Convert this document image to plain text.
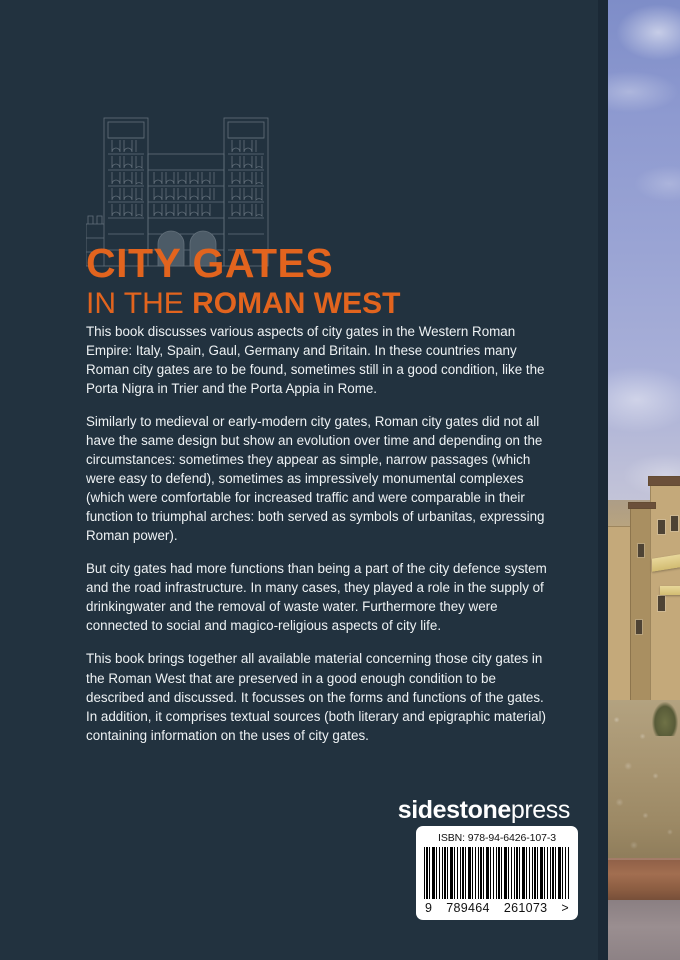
CITY GATES
IN THE ROMAN WEST

This book discusses various aspects of city gates in the Western Roman Empire: Italy, Spain, Gaul, Germany and Britain. In these countries many Roman city gates are to be found, sometimes still in a good condition, like the Porta Nigra in Trier and the Porta Appia in Rome.

Similarly to medieval or early-modern city gates, Roman city gates did not all have the same design but show an evolution over time and depending on the circumstances: sometimes they appear as simple, narrow passages (which were easy to defend), sometimes as impressively monumental complexes (which were comfortable for increased traffic and were comparable in their function to triumphal arches: both served as symbols of urbanitas, expressing Roman power).

But city gates had more functions than being a part of the city defence system and the road infrastructure. In many cases, they played a role in the supply of drinkingwater and the removal of waste water. Furthermore they were connected to social and magico-religious aspects of city life.

This book brings together all available material concerning those city gates in the Roman West that are preserved in a good enough condition to be described and discussed. It focusses on the forms and functions of the gates. In addition, it comprises textual sources (both literary and epigraphic material) containing information on the uses of city gates.

sidestonepress
ISBN: 978-94-6426-107-3
9 789464 261073 >
